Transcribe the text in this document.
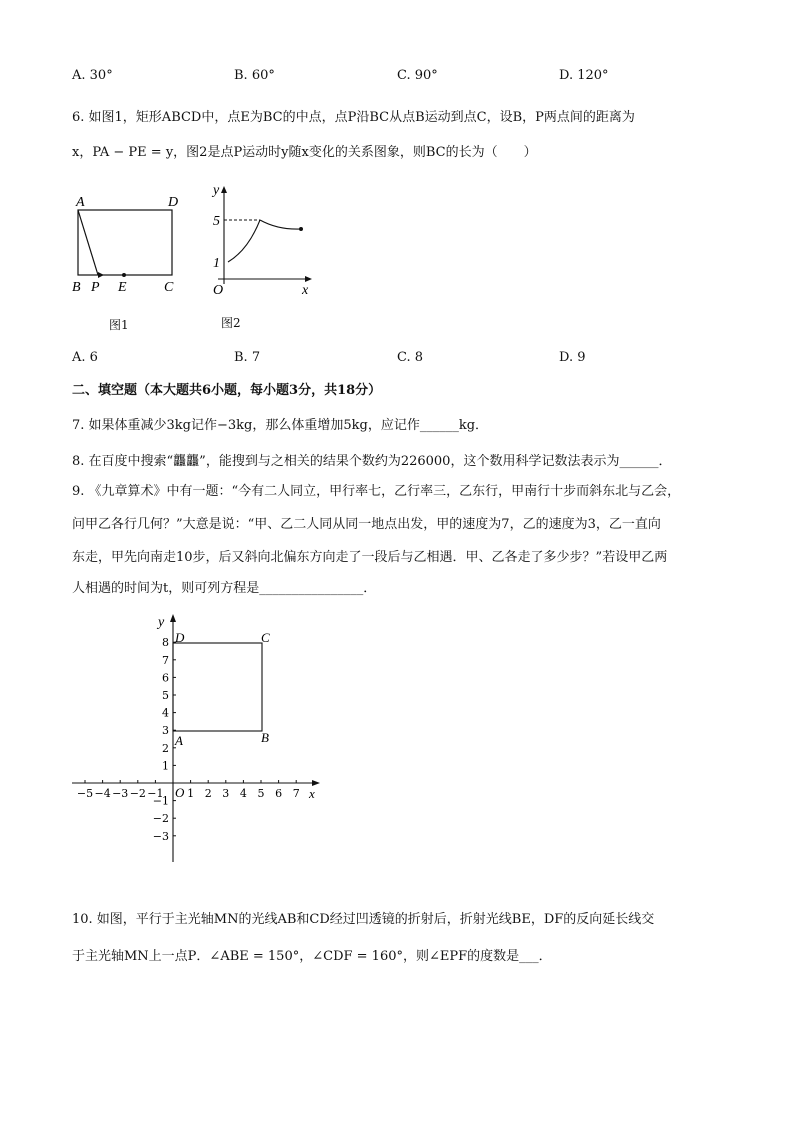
A. 30°	B. 60°	C. 90°	D. 120°
6. 如图1，矩形ABCD中，点E为BC的中点，点P沿BC从点B运动到点C，设B，P两点间的距离为
x，PA − PE = y，图2是点P运动时y随x变化的关系图象，则BC的长为（　　）
A	D
B P E	C
图1
y
5
1
O	x
图2
A. 6	B. 7	C. 8	D. 9
二、填空题（本大题共6小题，每小题3分，共18分）
7. 如果体重减少3kg记作−3kg，那么体重增加5kg，应记作______kg．
8. 在百度中搜索“龘龘”，能搜到与之相关的结果个数约为226000，这个数用科学记数法表示为______．
9. 《九章算术》中有一题：“今有二人同立，甲行率七，乙行率三，乙东行，甲南行十步而斜东北与乙会，
问甲乙各行几何？”大意是说：“甲、乙二人同从同一地点出发，甲的速度为7，乙的速度为3，乙一直向
东走，甲先向南走10步，后又斜向北偏东方向走了一段后与乙相遇．甲、乙各走了多少步？”若设甲乙两
人相遇的时间为t，则可列方程是________________．
−5 −4 −3 −2 −1 1 2 3 4 5 6 7
8
7
6
5
4
3
2
1
−1
−2
−3
y
x
O
D	C
A	B
10. 如图，平行于主光轴MN的光线AB和CD经过凹透镜的折射后，折射光线BE，DF的反向延长线交
于主光轴MN上一点P．∠ABE = 150°，∠CDF = 160°，则∠EPF的度数是___．
